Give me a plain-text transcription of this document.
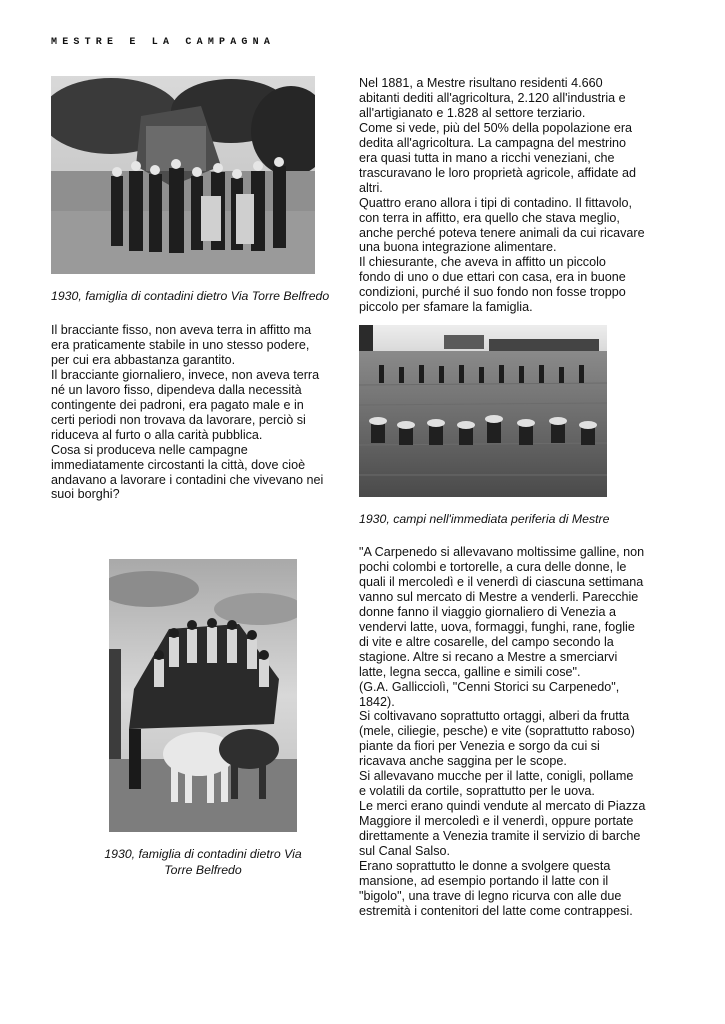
MESTRE E LA CAMPAGNA
1930, famiglia di contadini dietro Via Torre Belfredo

Il bracciante fisso, non aveva terra in affitto ma

era praticamente stabile in uno stesso podere,

per cui era abbastanza garantito.

Il bracciante giornaliero, invece, non aveva terra

né un lavoro fisso, dipendeva dalla necessità

contingente dei padroni, era pagato male e in

certi periodi non trovava da lavorare, perciò si

riduceva al furto o alla carità pubblica.

Cosa si produceva nelle campagne

immediatamente circostanti la città, dove cioè

andavano a lavorare i contadini che vivevano nei

suoi borghi?

Nel 1881, a Mestre risultano residenti 4.660

abitanti dediti all'agricoltura, 2.120 all'industria e

all'artigianato e 1.828 al settore terziario.

Come si vede, più del 50% della popolazione era

dedita all'agricoltura. La campagna del mestrino

era quasi tutta in mano a ricchi veneziani, che

trascuravano le loro proprietà agricole, affidate ad

altri.

Quattro erano allora i tipi di contadino. Il fittavolo,

con terra in affitto, era quello che stava meglio,

anche perché poteva tenere animali da cui ricavare

una buona integrazione alimentare.

Il chiesurante, che aveva in affitto un piccolo

fondo di uno o due ettari con casa, era in buone

condizioni, purché il suo fondo non fosse troppo

piccolo per sfamare la famiglia.

1930, campi nell'immediata periferia di Mestre
1930, famiglia di contadini dietro Via Torre Belfredo

"A Carpenedo si allevavano moltissime galline, non

pochi colombi e tortorelle, a cura delle donne, le

quali il mercoledì e il venerdì di ciascuna settimana

vanno sul mercato di Mestre a venderli. Parecchie

donne fanno il viaggio giornaliero di Venezia a

vendervi latte, uova, formaggi, funghi, rane, foglie

di vite e altre cosarelle, del campo secondo la

stagione. Altre si recano a Mestre a smerciarvi

latte, legna secca, galline e simili cose".

(G.A. Gallicciolì, "Cenni Storici su Carpenedo",

1842).

Si coltivavano soprattutto ortaggi, alberi da frutta

(mele, ciliegie, pesche) e vite (soprattutto raboso)

piante da fiori per Venezia e sorgo da cui si

ricavava anche saggina per le scope.

Si allevavano mucche per il latte, conigli, pollame

e volatili da cortile, soprattutto per le uova.

Le merci erano quindi vendute al mercato di Piazza

Maggiore il mercoledì e il venerdì, oppure portate

direttamente a Venezia tramite il servizio di barche

sul Canal Salso.

Erano soprattutto le donne a svolgere questa

mansione, ad esempio portando il latte con il

"bigolo", una trave di legno ricurva con alle due

estremità i contenitori del latte come contrappesi.
